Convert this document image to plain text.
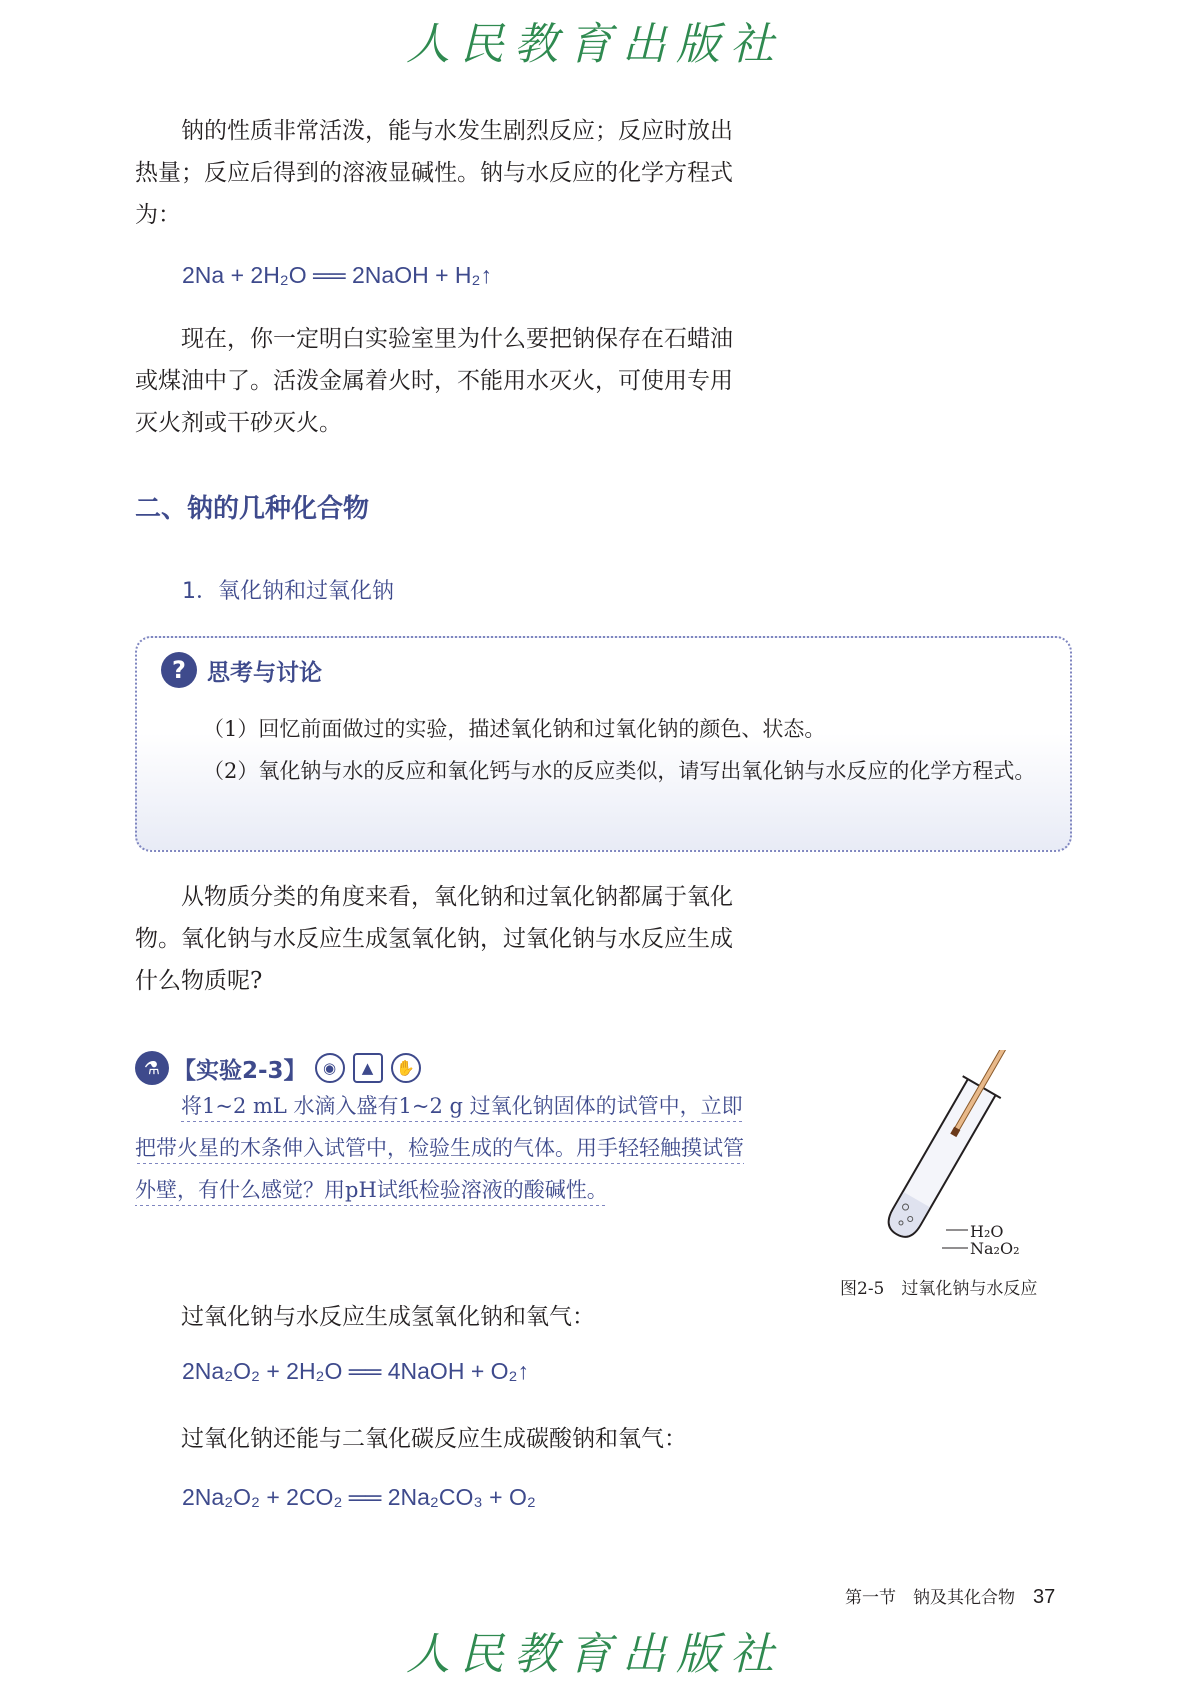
人民教育出版社

钠的性质非常活泼，能与水发生剧烈反应；反应时放出热量；反应后得到的溶液显碱性。钠与水反应的化学方程式为：

2Na + 2H₂O ══ 2NaOH + H₂↑

现在，你一定明白实验室里为什么要把钠保存在石蜡油或煤油中了。活泼金属着火时，不能用水灭火，可使用专用灭火剂或干砂灭火。

二、钠的几种化合物
1．氧化钠和过氧化钠
? 思考与讨论

（1）回忆前面做过的实验，描述氧化钠和过氧化钠的颜色、状态。

（2）氧化钠与水的反应和氧化钙与水的反应类似，请写出氧化钠与水反应的化学方程式。

从物质分类的角度来看，氧化钠和过氧化钠都属于氧化物。氧化钠与水反应生成氢氧化钠，过氧化钠与水反应生成什么物质呢?

⚗ 【实验2-3】	◉	▲	✋

将1~2 mL 水滴入盛有1~2 g 过氧化钠固体的试管中，立即把带火星的木条伸入试管中，检验生成的气体。用手轻轻触摸试管外壁，有什么感觉？用pH试纸检验溶液的酸碱性。

H₂O
Na₂O₂
图2-5　过氧化钠与水反应

过氧化钠与水反应生成氢氧化钠和氧气：

2Na₂O₂ + 2H₂O ══ 4NaOH + O₂↑

过氧化钠还能与二氧化碳反应生成碳酸钠和氧气：

2Na₂O₂ + 2CO₂ ══ 2Na₂CO₃ + O₂
第一节　钠及其化合物 37
人民教育出版社
